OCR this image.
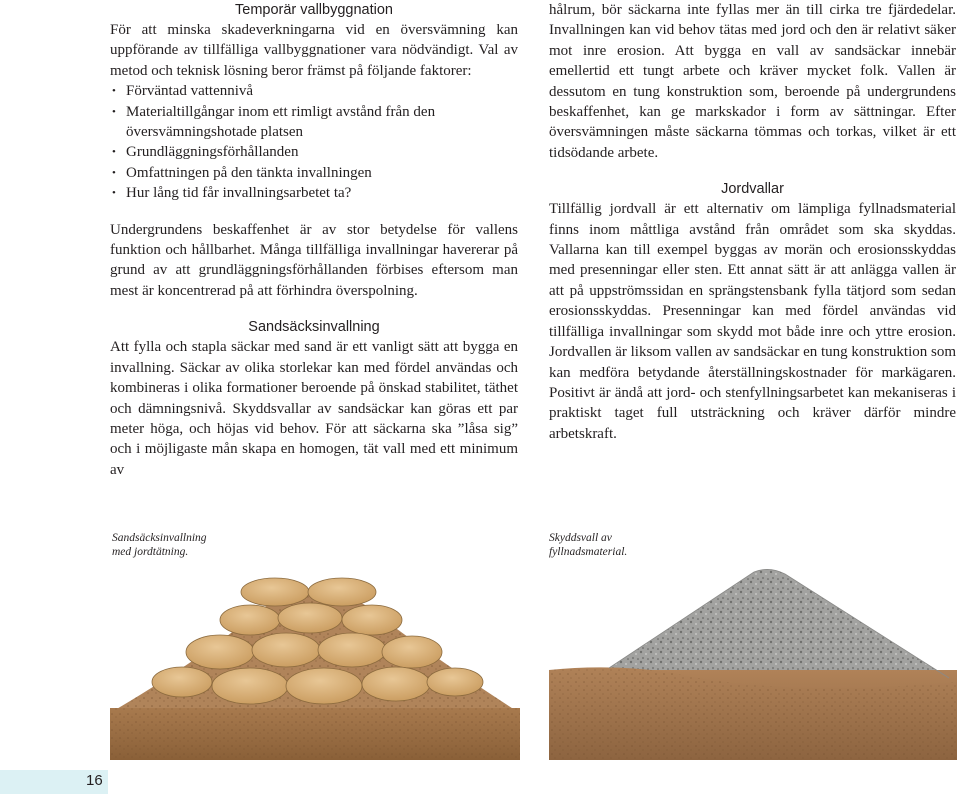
Temporär vallbyggnation

För att minska skadeverkningarna vid en översvämning kan uppförande av tillfälliga vallbyggnationer vara nödvändigt. Val av metod och teknisk lösning beror främst på följande faktorer:

• Förväntad vattennivå
• Materialtillgångar inom ett rimligt avstånd från den översvämningshotade platsen
• Grundläggningsförhållanden
• Omfattningen på den tänkta invallningen
• Hur lång tid får invallningsarbetet ta?

Undergrundens beskaffenhet är av stor betydelse för vallens funktion och hållbarhet. Många tillfälliga invallningar havererar på grund av att grundläggningsförhållanden förbises eftersom man mest är koncentrerad på att förhindra överspolning.

Sandsäcksinvallning

Att fylla och stapla säckar med sand är ett vanligt sätt att bygga en invallning. Säckar av olika storlekar kan med fördel användas och kombineras i olika formationer beroende på önskad stabilitet, täthet och dämningsnivå. Skyddsvallar av sandsäckar kan göras ett par meter höga, och höjas vid behov. För att säckarna ska ”låsa sig” och i möjligaste mån skapa en homogen, tät vall med ett minimum av

hålrum, bör säckarna inte fyllas mer än till cirka tre fjärdedelar. Invallningen kan vid behov tätas med jord och den är relativt säker mot inre erosion. Att bygga en vall av sandsäckar innebär emellertid ett tungt arbete och kräver mycket folk. Vallen är dessutom en tung konstruktion som, beroende på undergrundens beskaffenhet, kan ge markskador i form av sättningar. Efter översvämningen måste säckarna tömmas och torkas, vilket är ett tidsödande arbete.

Jordvallar

Tillfällig jordvall är ett alternativ om lämpliga fyllnadsmaterial finns inom måttliga avstånd från området som ska skyddas. Vallarna kan till exempel byggas av morän och erosionsskyddas med presenningar eller sten. Ett annat sätt är att anlägga vallen är att på uppströmssidan en sprängstensbank fylla tätjord som sedan erosionsskyddas. Presenningar kan med fördel användas vid tillfälliga invallningar som skydd mot både inre och yttre erosion. Jordvallen är liksom vallen av sandsäckar en tung konstruktion som kan medföra betydande återställningskostnader för markägaren. Positivt är ändå att jord- och stenfyllningsarbetet kan mekaniseras i praktiskt taget full utsträckning och kräver därför mindre arbetskraft.

Sandsäcksinvallning
med jordtätning.
Skyddsvall av
fyllnadsmaterial.
16
